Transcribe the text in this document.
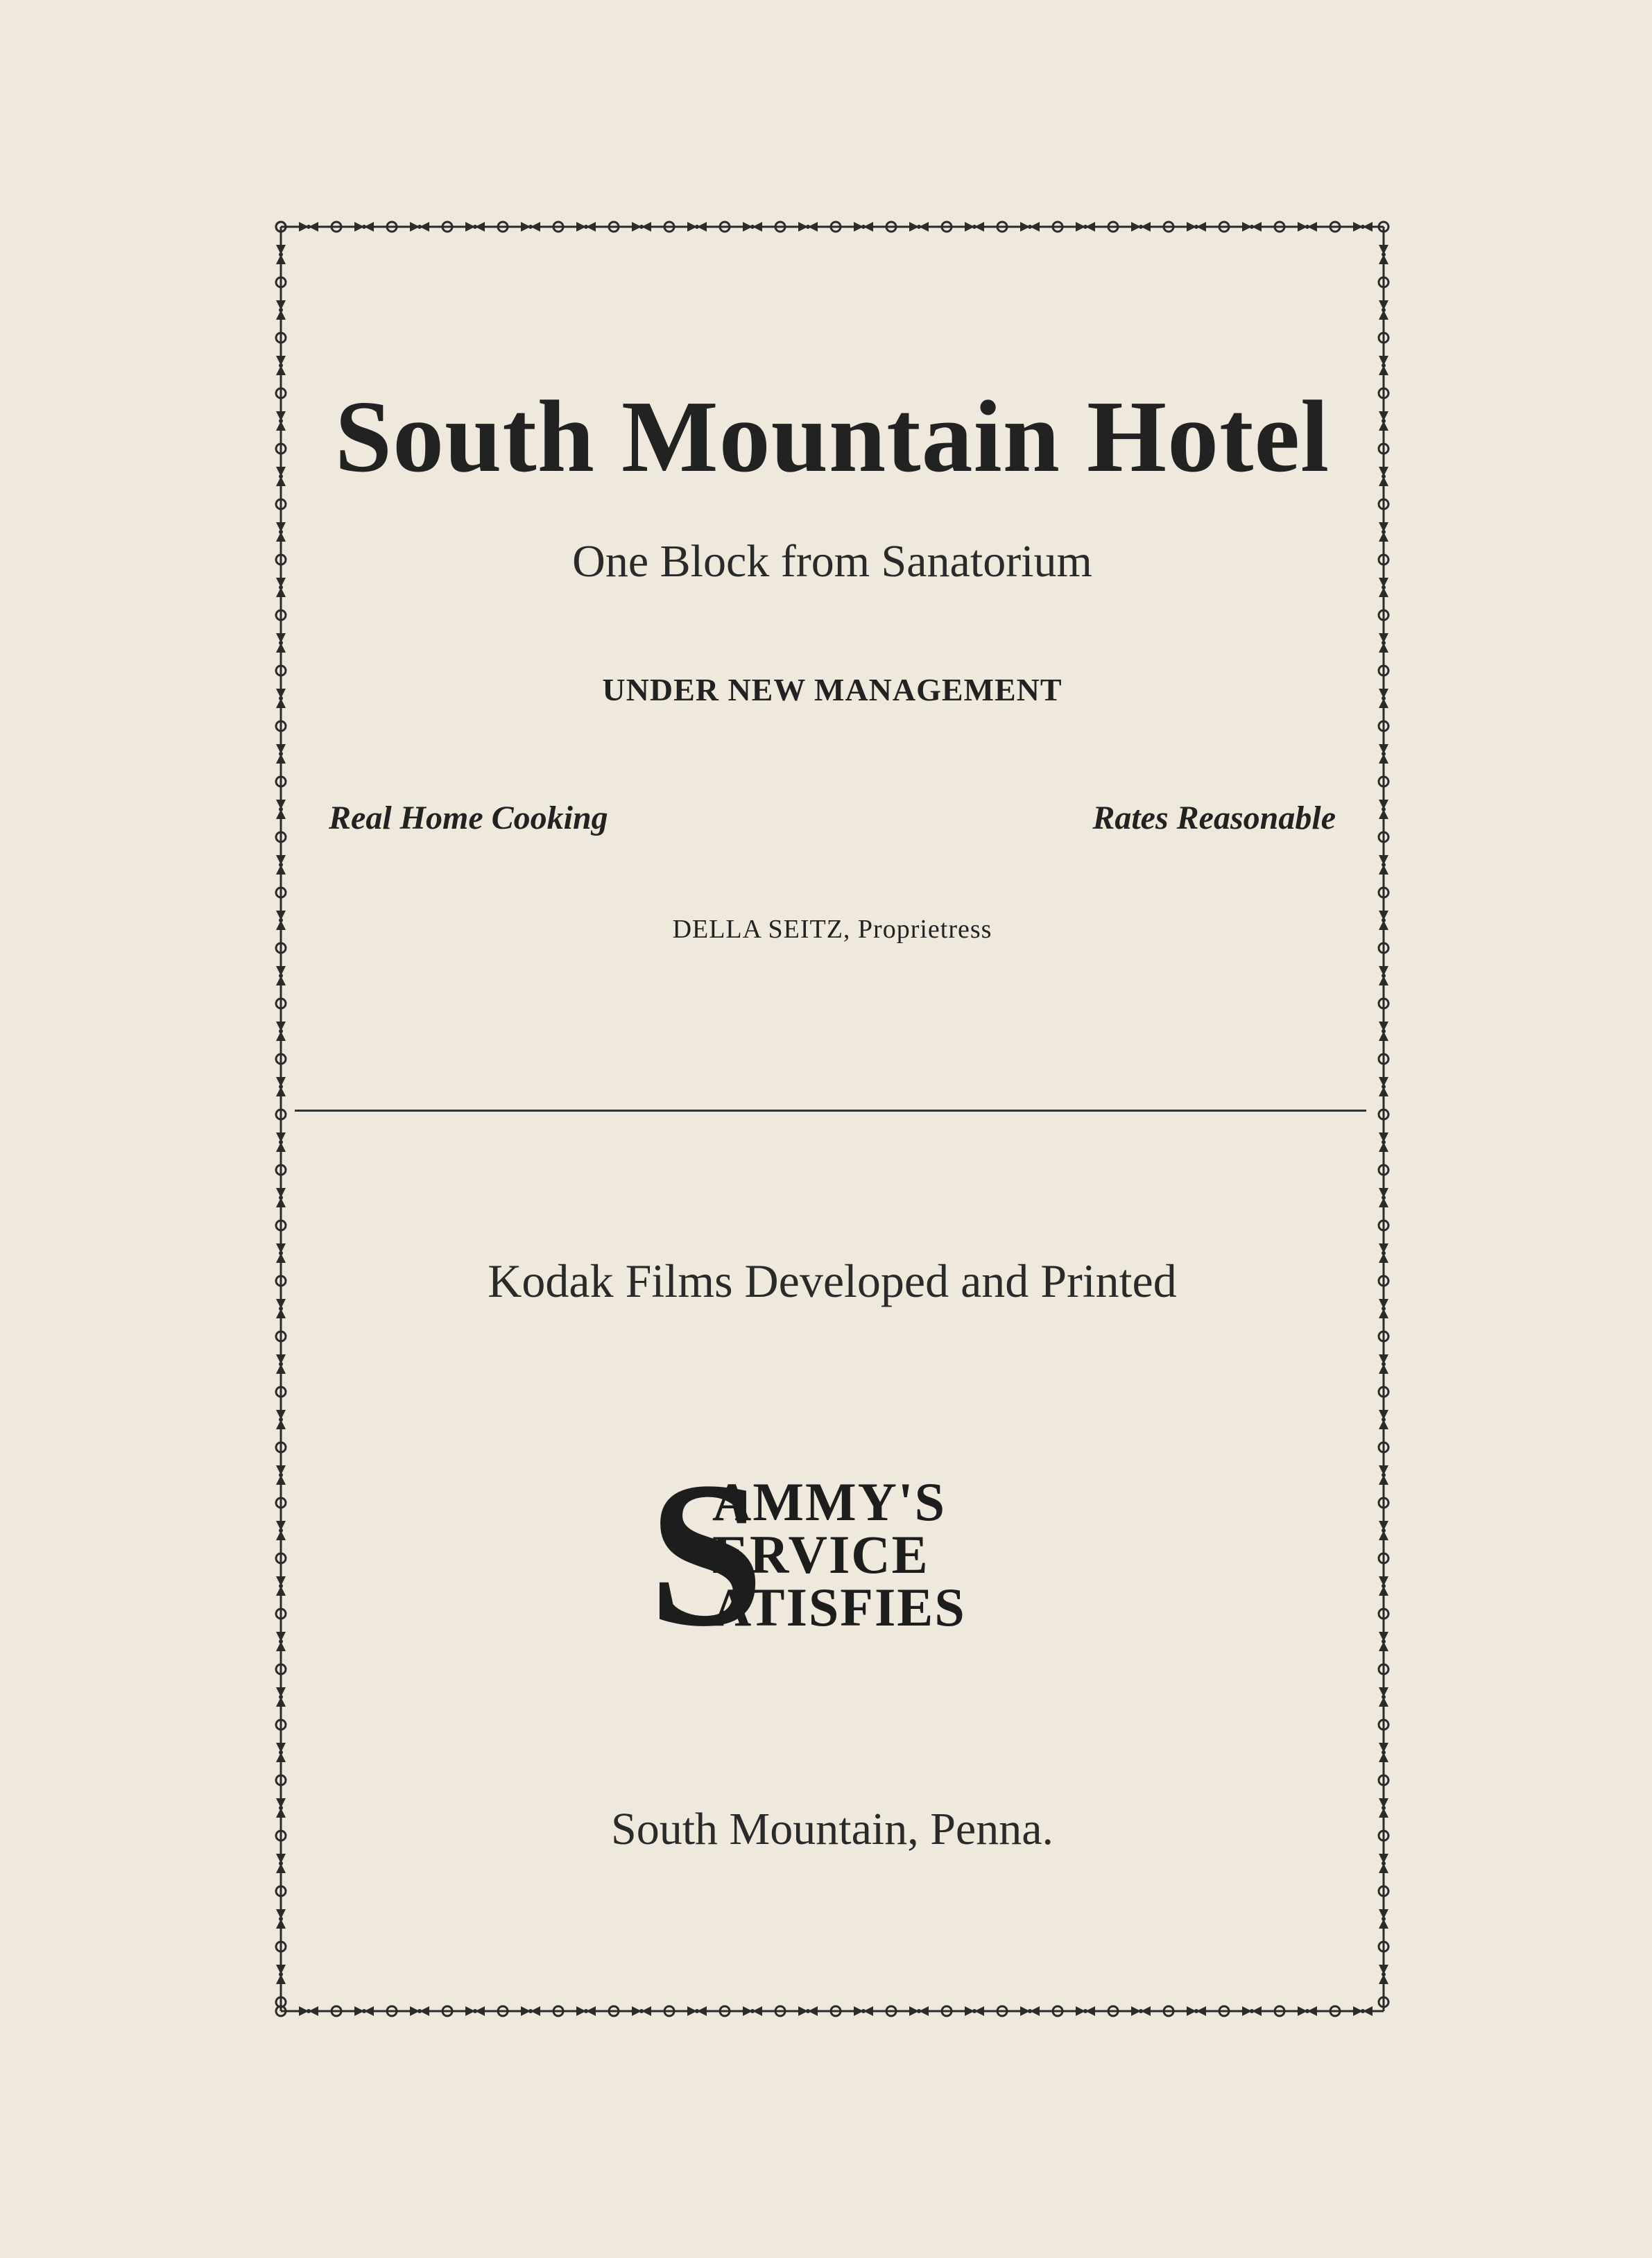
South Mountain Hotel
One Block from Sanatorium
UNDER NEW MANAGEMENT
Real Home Cooking	Rates Reasonable
DELLA SEITZ, Proprietress
Kodak Films Developed and Printed
S
AMMY'S
ERVICE
ATISFIES
South Mountain, Penna.
